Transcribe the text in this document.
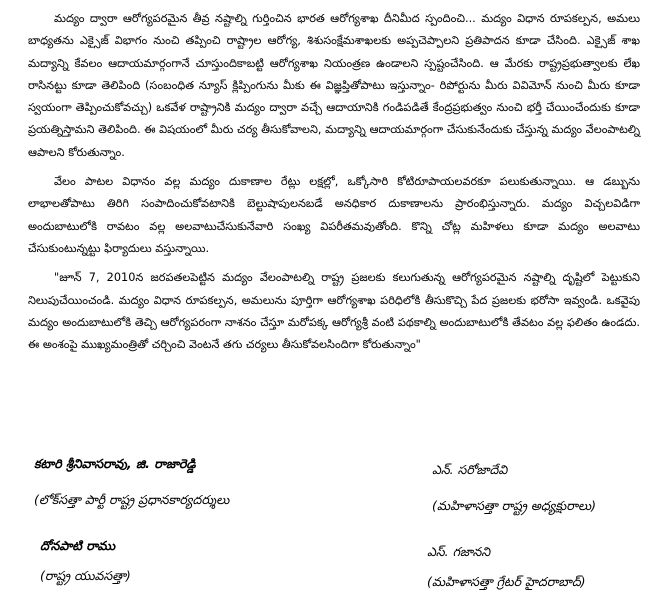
మద్యం ద్వారా ఆరోగ్యపరమైన తీవ్ర నష్టాల్ని గుర్తించిన భారత ఆరోగ్యశాఖ దీనిమీద స్పందించి... మద్యం విధాన రూపకల్పన, అమలు బాధ్యతను ఎక్సైజ్ విభాగం నుంచి తప్పించి రాష్ట్రాల ఆరోగ్య, శిశుసంక్షేమశాఖలకు అప్పచెప్పాలని ప్రతిపాదన కూడా చేసింది. ఎక్సైజ్ శాఖ మద్యాన్ని కేవలం ఆదాయమార్గంగానే చూస్తుందికాబట్టి ఆరోగ్యశాఖ నియంత్రణ ఉండాలని స్పష్టంచేసింది. ఆ మేరకు రాష్ట్రప్రభుత్వాలకు లేఖ రాసినట్టు కూడా తెలిపింది (సంబంధిత న్యూస్ క్లిప్పింగును మీకు ఈ విజ్ఞప్తితోపాటు ఇస్తున్నాం- రిపోర్టును మీరు వివిమోన్ నుంచి మీరు కూడా స్వయంగా తెప్పించుకోవచ్చు) ఒకవేళ రాష్ట్రానికి మద్యం ద్వారా వచ్చే ఆదాయానికి గండిపడితే కేంద్రప్రభుత్వం నుంచి భర్తీ చేయించేందుకు కూడా ప్రయత్నిస్తామని తెలిపింది. ఈ విషయంలో మీరు చర్య తీసుకోవాలని, మద్యాన్ని ఆదాయమార్గంగా చేసుకునేందుకు చేస్తున్న మద్యం వేలంపాటల్ని ఆపాలని కోరుతున్నాం.

వేలం పాటల విధానం వల్ల మద్యం దుకాణాల రేట్లు లక్షల్లో, ఒక్కోసారి కోటిరూపాయలవరకూ పలుకుతున్నాయి. ఆ డబ్బును లాభాలతోపాటు తిరిగి సంపాదించుకోవటానికి బెల్టుషాపులనబడే అనధికార దుకాణాలను ప్రారంభిస్తున్నారు. మద్యం విచ్చలవిడిగా అందుబాటులోకి రావటం వల్ల అలవాటుచేసుకునేవారి సంఖ్య విపరీతమవుతోంది. కొన్ని చోట్ల మహిళలు కూడా మద్యం అలవాటు చేసుకుంటున్నట్టు ఫిర్యాదులు వస్తున్నాయి.

"జూన్ 7, 2010న జరపతలపెట్టిన మద్యం వేలంపాటల్ని రాష్ట్ర ప్రజలకు కలుగుతున్న ఆరోగ్యపరమైన నష్టాల్ని దృష్టిలో పెట్టుకుని నిలుపుచేయించండి. మద్యం విధాన రూపకల్పన, అమలును పూర్తిగా ఆరోగ్యశాఖ పరిధిలోకి తీసుకొచ్చి పేద ప్రజలకు భరోసా ఇవ్వండి. ఒకవైపు మద్యం అందుబాటులోకి తెచ్చి ఆరోగ్యపరంగా నాశనం చేస్తూ మరోపక్క ఆరోగ్యశ్రీ వంటి పథకాల్ని అందుబాటులోకి తేవటం వల్ల ఫలితం ఉండదు. ఈ అంశంపై ముఖ్యమంత్రితో చర్చించి వెంటనే తగు చర్యలు తీసుకోవలసిందిగా కోరుతున్నాం"

కటారి శ్రీనివాసరావు, జి. రాజారెడ్డి
(లోక్‌సత్తా పార్టీ రాష్ట్ర ప్రధానకార్యదర్శులు
ఎన్. సరోజాదేవి
(మహిళాసత్తా రాష్ట్ర అధ్యక్షురాలు)
దోనపాటి రాము
(రాష్ట్ర యువసత్తా)
ఎస్. గజానని
(మహిళాసత్తా గ్రేటర్ హైదరాబాద్)
